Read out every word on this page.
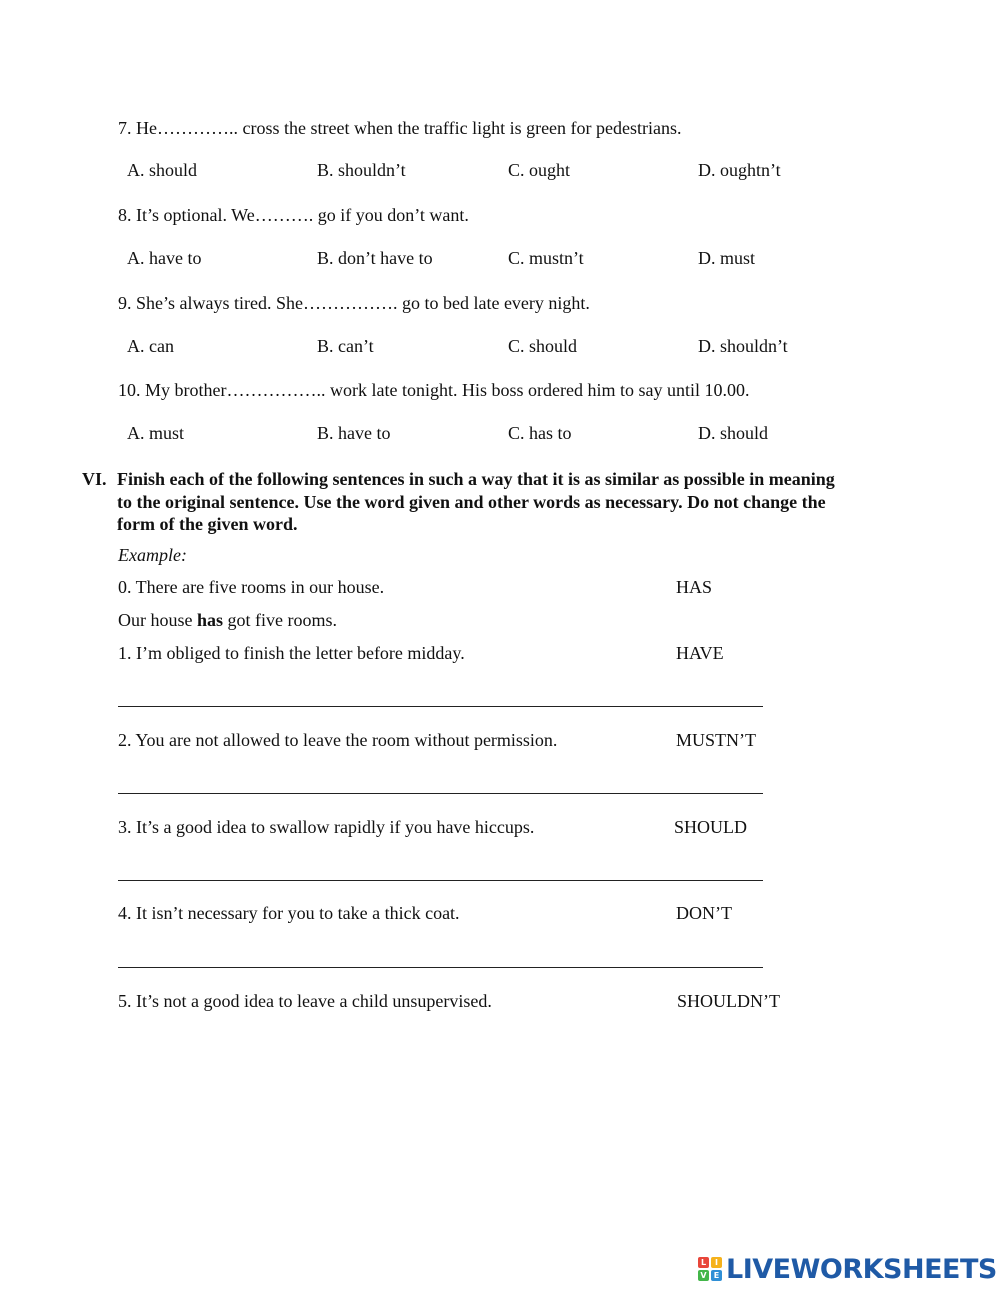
7. He………….. cross the street when the traffic light is green for pedestrians.
A. should	B. shouldn’t	C. ought	D. oughtn’t
8. It’s optional. We………. go if you don’t want.
A. have to	B. don’t have to	C. mustn’t	D. must
9. She’s always tired. She……………. go to bed late every night.
A. can	B. can’t	C. should	D. shouldn’t
10. My brother…………….. work late tonight. His boss ordered him to say until 10.00.
A. must	B. have to	C. has to	D. should
VI. Finish each of the following sentences in such a way that it is as similar as possible in meaning
to the original sentence. Use the word given and other words as necessary. Do not change the
form of the given word.
Example:
0. There are five rooms in our house.	HAS
Our house has got five rooms.
1. I’m obliged to finish the letter before midday.	HAVE
2. You are not allowed to leave the room without permission.	MUSTN’T
3. It’s a good idea to swallow rapidly if you have hiccups.	SHOULD
4. It isn’t necessary for you to take a thick coat.	DON’T
5. It’s not a good idea to leave a child unsupervised.	SHOULDN’T
L	I
V E LIVEWORKSHEETS
